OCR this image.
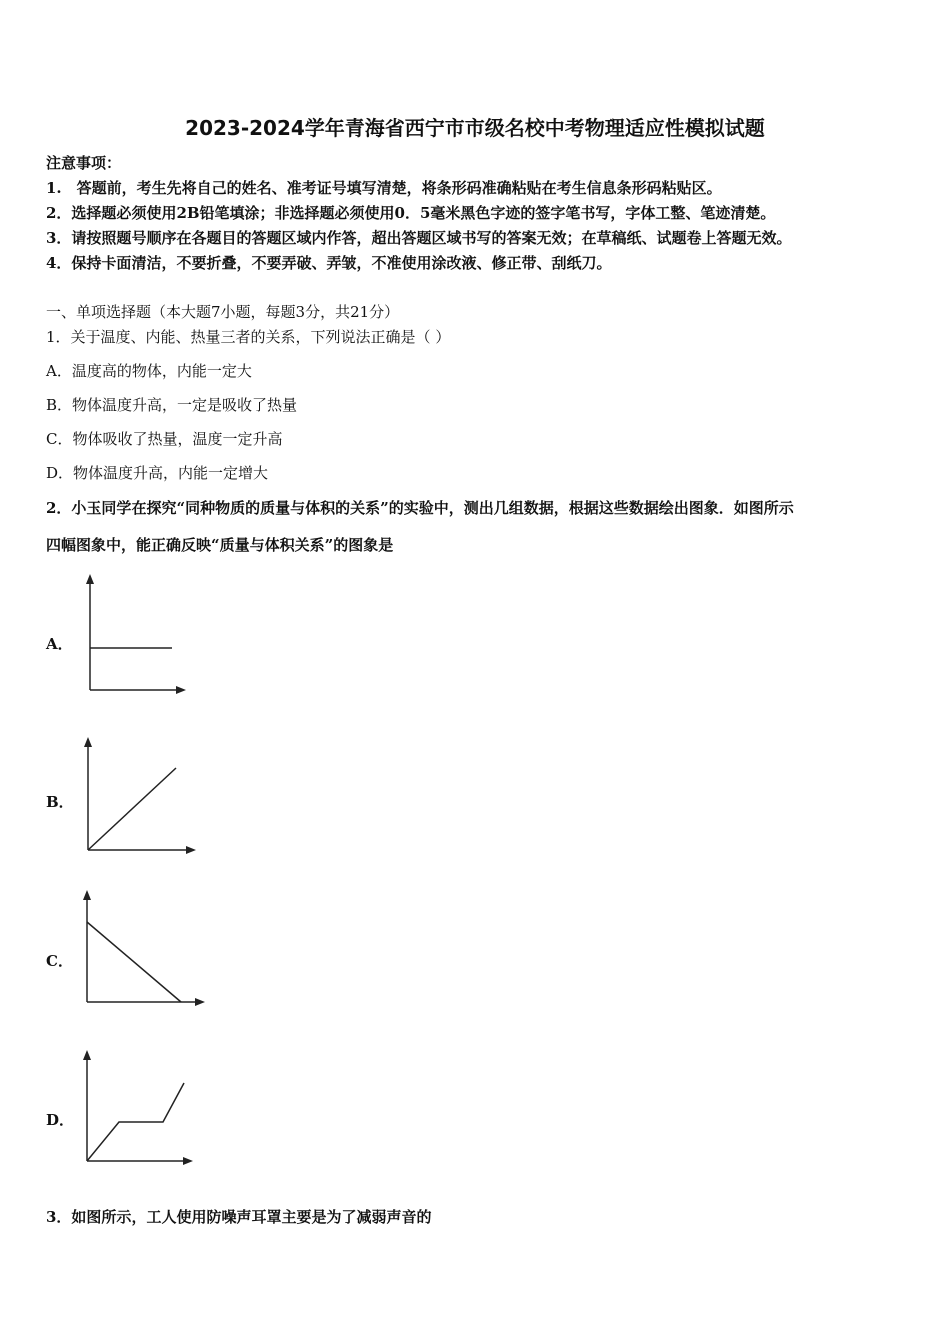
2023-2024学年青海省西宁市市级名校中考物理适应性模拟试题
注意事项：
1.　答题前，考生先将自己的姓名、准考证号填写清楚，将条形码准确粘贴在考生信息条形码粘贴区。
2．选择题必须使用2B铅笔填涂；非选择题必须使用0．5毫米黑色字迹的签字笔书写，字体工整、笔迹清楚。
3．请按照题号顺序在各题目的答题区域内作答，超出答题区域书写的答案无效；在草稿纸、试题卷上答题无效。
4．保持卡面清洁，不要折叠，不要弄破、弄皱，不准使用涂改液、修正带、刮纸刀。
一、单项选择题（本大题7小题，每题3分，共21分）
1．关于温度、内能、热量三者的关系，下列说法正确是（ ）
A．温度高的物体，内能一定大
B．物体温度升高，一定是吸收了热量
C．物体吸收了热量，温度一定升高
D．物体温度升高，内能一定增大
2．小玉同学在探究“同种物质的质量与体积的关系”的实验中，测出几组数据，根据这些数据绘出图象．如图所示
四幅图象中，能正确反映“质量与体积关系”的图象是
A．
B．
C．
D．
3．如图所示，工人使用防噪声耳罩主要是为了减弱声音的
